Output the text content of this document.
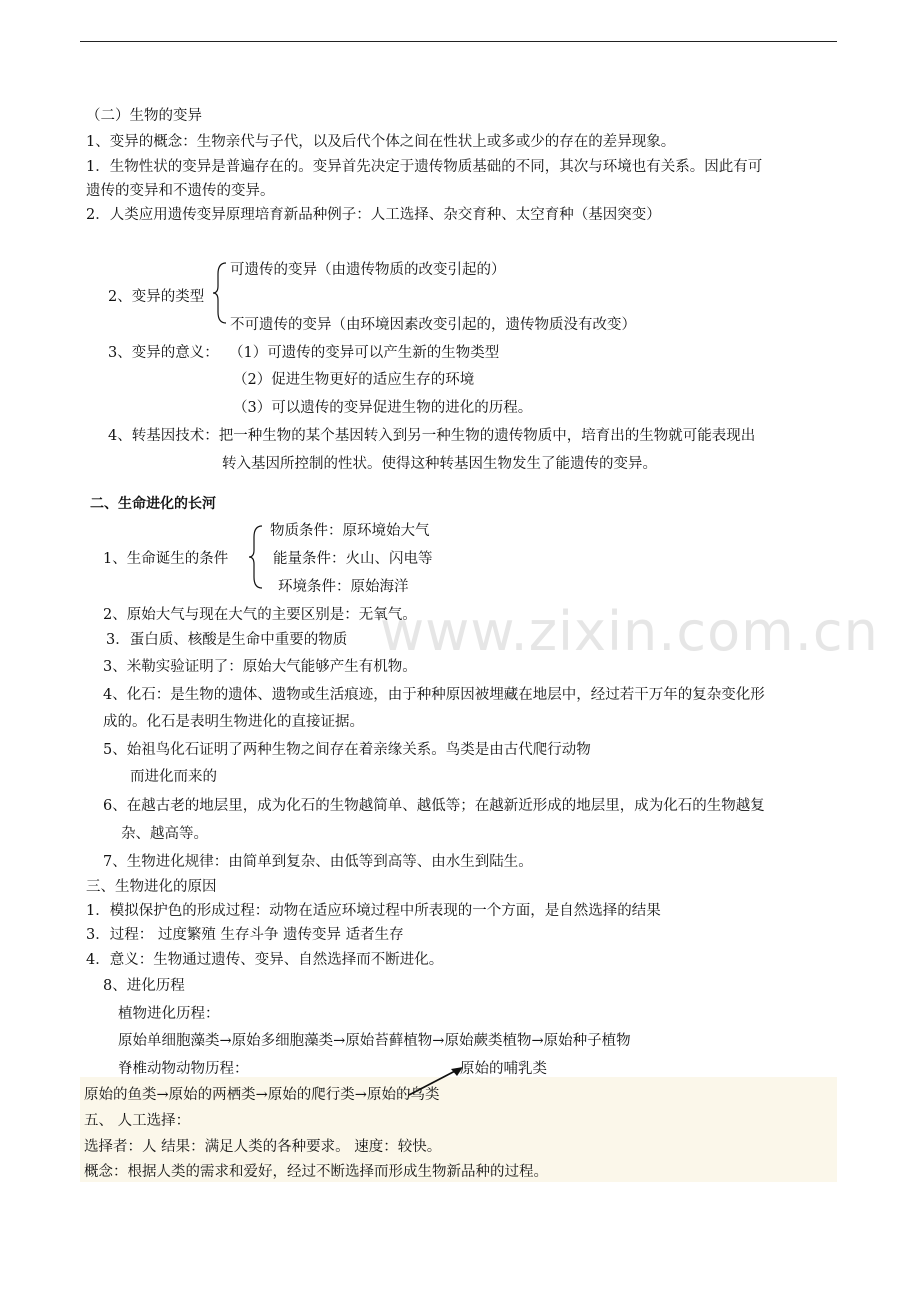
www.zixin.com.cn
（二）生物的变异
1、变异的概念：生物亲代与子代，以及后代个体之间在性状上或多或少的存在的差异现象。
1．生物性状的变异是普遍存在的。变异首先决定于遗传物质基础的不同，其次与环境也有关系。因此有可
遗传的变异和不遗传的变异。
2．人类应用遗传变异原理培育新品种例子：人工选择、杂交育种、太空育种（基因突变）
可遗传的变异（由遗传物质的改变引起的）
2、变异的类型
不可遗传的变异（由环境因素改变引起的，遗传物质没有改变）
3、变异的意义： （1）可遗传的变异可以产生新的生物类型
（2）促进生物更好的适应生存的环境
（3）可以遗传的变异促进生物的进化的历程。
4、转基因技术：把一种生物的某个基因转入到另一种生物的遗传物质中，培育出的生物就可能表现出
转入基因所控制的性状。使得这种转基因生物发生了能遗传的变异。
二、生命进化的长河
物质条件：原环境始大气
1、生命诞生的条件	能量条件：火山、闪电等
环境条件：原始海洋
2、原始大气与现在大气的主要区别是：无氧气。
3．蛋白质、核酸是生命中重要的物质
3、米勒实验证明了：原始大气能够产生有机物。
4、化石：是生物的遗体、遗物或生活痕迹，由于种种原因被埋藏在地层中，经过若干万年的复杂变化形
成的。化石是表明生物进化的直接证据。
5、始祖鸟化石证明了两种生物之间存在着亲缘关系。鸟类是由古代爬行动物
而进化而来的
6、在越古老的地层里，成为化石的生物越简单、越低等；在越新近形成的地层里，成为化石的生物越复
杂、越高等。
7、生物进化规律：由简单到复杂、由低等到高等、由水生到陆生。
三、生物进化的原因
1．模拟保护色的形成过程：动物在适应环境过程中所表现的一个方面，是自然选择的结果
3．过程： 过度繁殖 生存斗争 遗传变异 适者生存
4．意义：生物通过遗传、变异、自然选择而不断进化。
8、进化历程
植物进化历程：
原始单细胞藻类→原始多细胞藻类→原始苔藓植物→原始蕨类植物→原始种子植物
脊椎动物动物历程：	原始的哺乳类
原始的鱼类→原始的两栖类→原始的爬行类→原始的鸟类
五、 人工选择：
选择者：人 结果：满足人类的各种要求。 速度：较快。
概念：根据人类的需求和爱好，经过不断选择而形成生物新品种的过程。
